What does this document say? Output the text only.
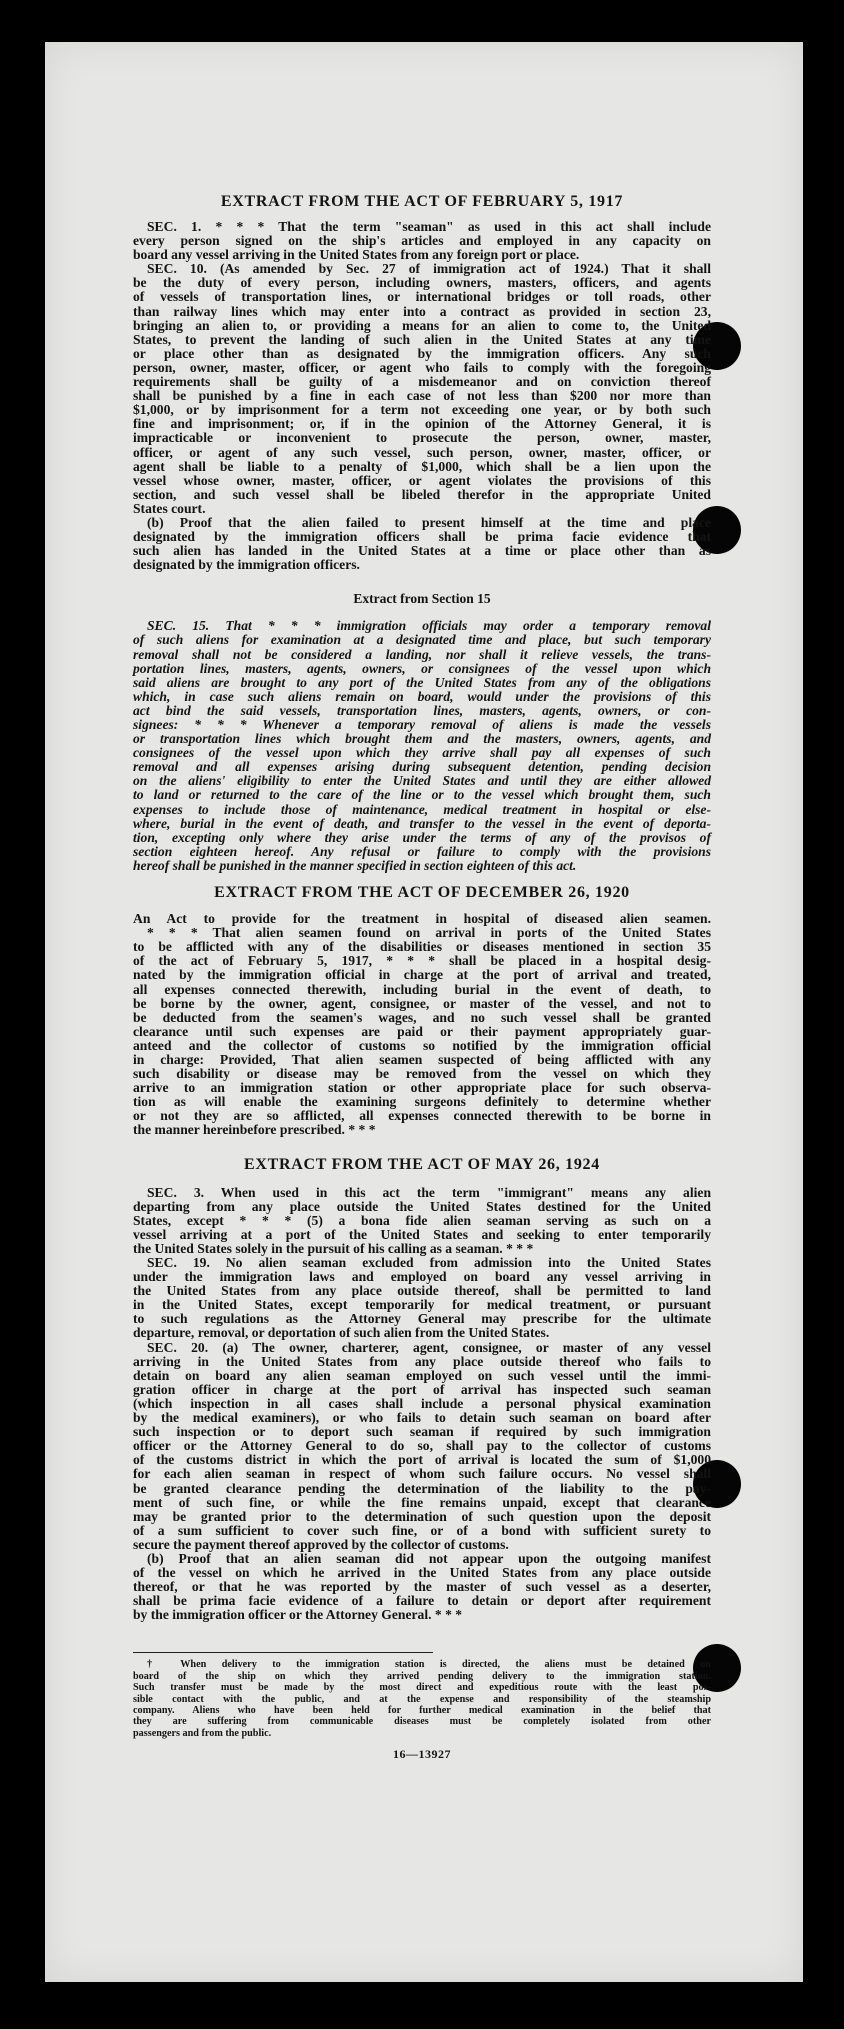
EXTRACT FROM THE ACT OF FEBRUARY 5, 1917

SEC. 1. * * * That the term "seaman" as used in this act shall include

every person signed on the ship's articles and employed in any capacity on

board any vessel arriving in the United States from any foreign port or place.

SEC. 10. (As amended by Sec. 27 of immigration act of 1924.) That it shall

be the duty of every person, including owners, masters, officers, and agents

of vessels of transportation lines, or international bridges or toll roads, other

than railway lines which may enter into a contract as provided in section 23,

bringing an alien to, or providing a means for an alien to come to, the United

States, to prevent the landing of such alien in the United States at any time

or place other than as designated by the immigration officers. Any such

person, owner, master, officer, or agent who fails to comply with the foregoing

requirements shall be guilty of a misdemeanor and on conviction thereof

shall be punished by a fine in each case of not less than $200 nor more than

$1,000, or by imprisonment for a term not exceeding one year, or by both such

fine and imprisonment; or, if in the opinion of the Attorney General, it is

impracticable or inconvenient to prosecute the person, owner, master,

officer, or agent of any such vessel, such person, owner, master, officer, or

agent shall be liable to a penalty of $1,000, which shall be a lien upon the

vessel whose owner, master, officer, or agent violates the provisions of this

section, and such vessel shall be libeled therefor in the appropriate United

States court.

(b) Proof that the alien failed to present himself at the time and place

designated by the immigration officers shall be prima facie evidence that

such alien has landed in the United States at a time or place other than as

designated by the immigration officers.

Extract from Section 15

SEC. 15. That * * * immigration officials may order a temporary removal

of such aliens for examination at a designated time and place, but such temporary

removal shall not be considered a landing, nor shall it relieve vessels, the trans-

portation lines, masters, agents, owners, or consignees of the vessel upon which

said aliens are brought to any port of the United States from any of the obligations

which, in case such aliens remain on board, would under the provisions of this

act bind the said vessels, transportation lines, masters, agents, owners, or con-

signees: * * * Whenever a temporary removal of aliens is made the vessels

or transportation lines which brought them and the masters, owners, agents, and

consignees of the vessel upon which they arrive shall pay all expenses of such

removal and all expenses arising during subsequent detention, pending decision

on the aliens' eligibility to enter the United States and until they are either allowed

to land or returned to the care of the line or to the vessel which brought them, such

expenses to include those of maintenance, medical treatment in hospital or else-

where, burial in the event of death, and transfer to the vessel in the event of deporta-

tion, excepting only where they arise under the terms of any of the provisos of

section eighteen hereof. Any refusal or failure to comply with the provisions

hereof shall be punished in the manner specified in section eighteen of this act.

EXTRACT FROM THE ACT OF DECEMBER 26, 1920

An Act to provide for the treatment in hospital of diseased alien seamen.

* * * That alien seamen found on arrival in ports of the United States

to be afflicted with any of the disabilities or diseases mentioned in section 35

of the act of February 5, 1917, * * * shall be placed in a hospital desig-

nated by the immigration official in charge at the port of arrival and treated,

all expenses connected therewith, including burial in the event of death, to

be borne by the owner, agent, consignee, or master of the vessel, and not to

be deducted from the seamen's wages, and no such vessel shall be granted

clearance until such expenses are paid or their payment appropriately guar-

anteed and the collector of customs so notified by the immigration official

in charge: Provided, That alien seamen suspected of being afflicted with any

such disability or disease may be removed from the vessel on which they

arrive to an immigration station or other appropriate place for such observa-

tion as will enable the examining surgeons definitely to determine whether

or not they are so afflicted, all expenses connected therewith to be borne in

the manner hereinbefore prescribed. * * *

EXTRACT FROM THE ACT OF MAY 26, 1924

SEC. 3. When used in this act the term "immigrant" means any alien

departing from any place outside the United States destined for the United

States, except * * * (5) a bona fide alien seaman serving as such on a

vessel arriving at a port of the United States and seeking to enter temporarily

the United States solely in the pursuit of his calling as a seaman. * * *

SEC. 19. No alien seaman excluded from admission into the United States

under the immigration laws and employed on board any vessel arriving in

the United States from any place outside thereof, shall be permitted to land

in the United States, except temporarily for medical treatment, or pursuant

to such regulations as the Attorney General may prescribe for the ultimate

departure, removal, or deportation of such alien from the United States.

SEC. 20. (a) The owner, charterer, agent, consignee, or master of any vessel

arriving in the United States from any place outside thereof who fails to

detain on board any alien seaman employed on such vessel until the immi-

gration officer in charge at the port of arrival has inspected such seaman

(which inspection in all cases shall include a personal physical examination

by the medical examiners), or who fails to detain such seaman on board after

such inspection or to deport such seaman if required by such immigration

officer or the Attorney General to do so, shall pay to the collector of customs

of the customs district in which the port of arrival is located the sum of $1,000

for each alien seaman in respect of whom such failure occurs. No vessel shall

be granted clearance pending the determination of the liability to the pay-

ment of such fine, or while the fine remains unpaid, except that clearance

may be granted prior to the determination of such question upon the deposit

of a sum sufficient to cover such fine, or of a bond with sufficient surety to

secure the payment thereof approved by the collector of customs.

(b) Proof that an alien seaman did not appear upon the outgoing manifest

of the vessel on which he arrived in the United States from any place outside

thereof, or that he was reported by the master of such vessel as a deserter,

shall be prima facie evidence of a failure to detain or deport after requirement

by the immigration officer or the Attorney General. * * *

† When delivery to the immigration station is directed, the aliens must be detained on

board of the ship on which they arrived pending delivery to the immigration station.

Such transfer must be made by the most direct and expeditious route with the least pos-

sible contact with the public, and at the expense and responsibility of the steamship

company. Aliens who have been held for further medical examination in the belief that

they are suffering from communicable diseases must be completely isolated from other

passengers and from the public.

16—13927
